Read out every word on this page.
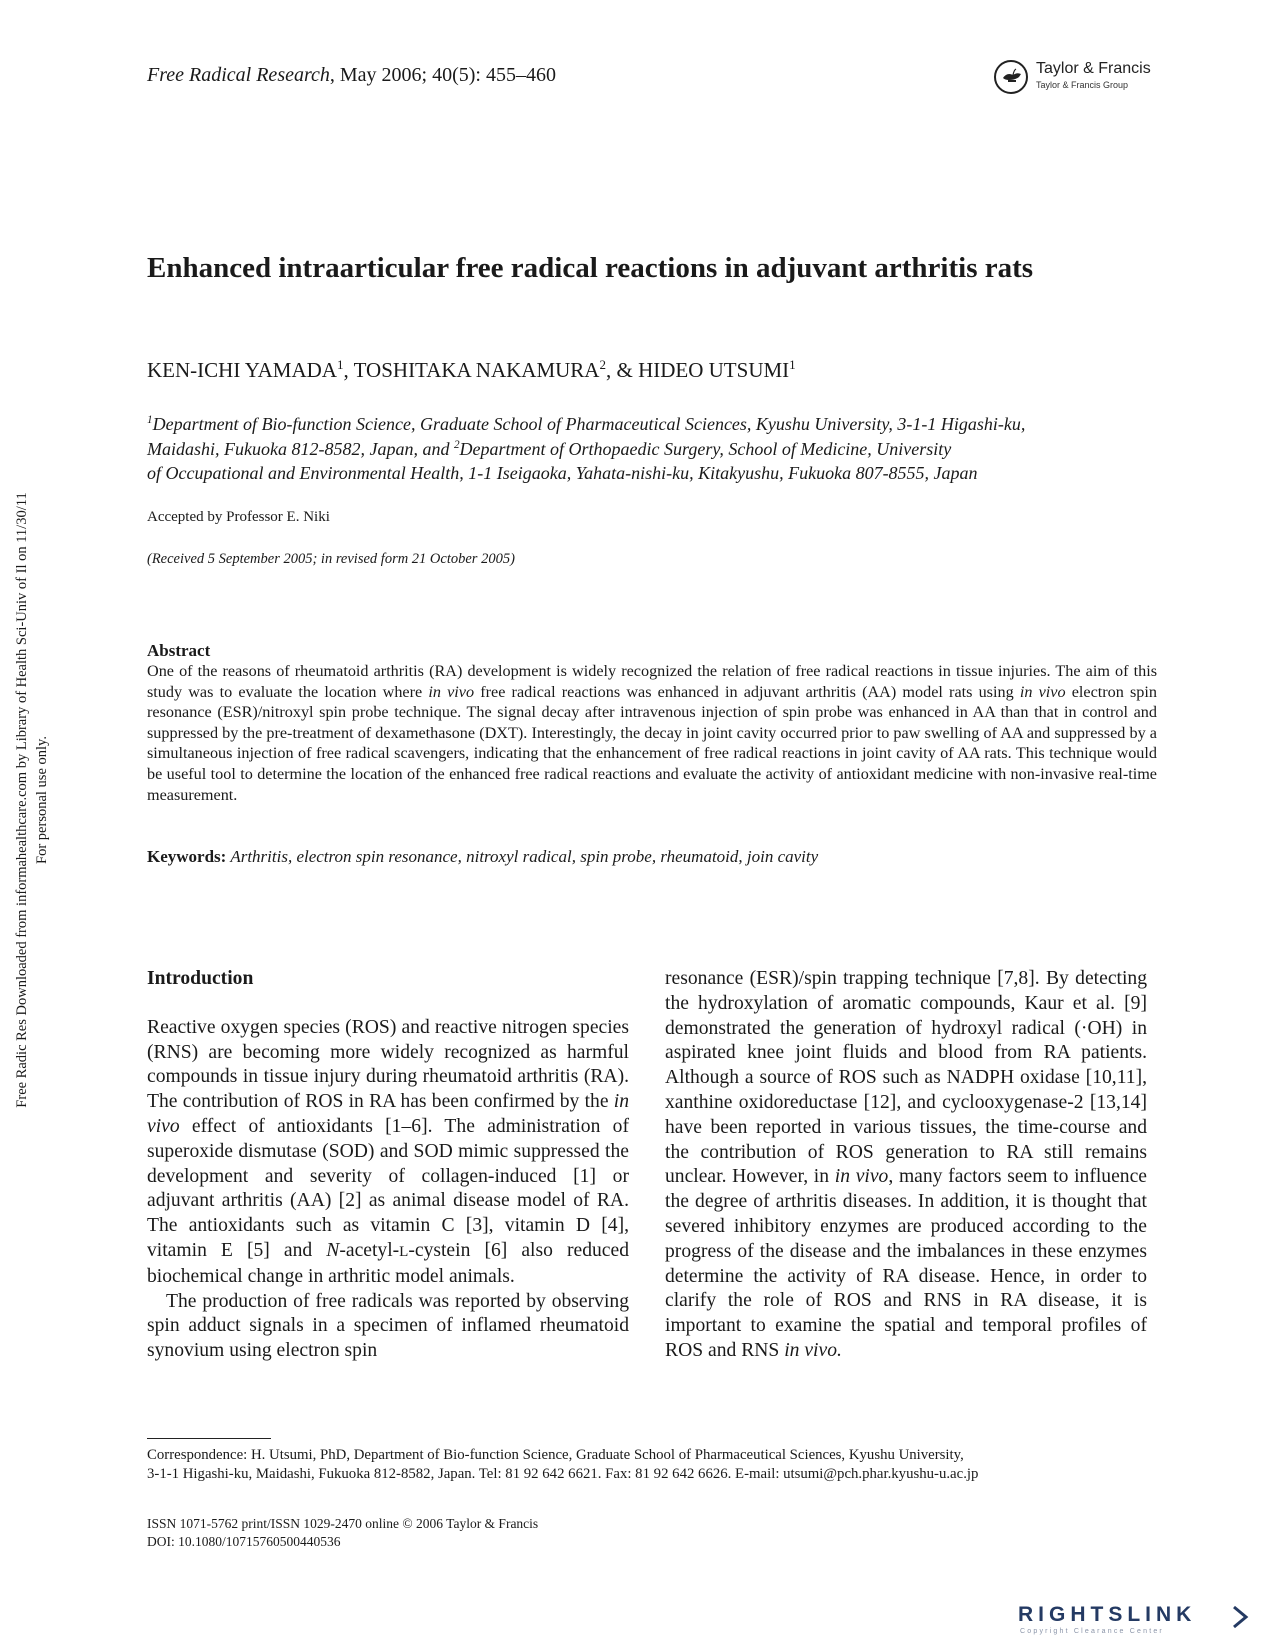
Free Radical Research, May 2006; 40(5): 455–460	Taylor & Francis
Taylor & Francis Group
Enhanced intraarticular free radical reactions in adjuvant arthritis rats
KEN-ICHI YAMADA$^1$, TOSHITAKA NAKAMURA$^2$, & HIDEO UTSUMI$^1$
$^1$Department of Bio-function Science, Graduate School of Pharmaceutical Sciences, Kyushu University, 3-1-1 Higashi-ku,
Maidashi, Fukuoka 812-8582, Japan, and $^2$Department of Orthopaedic Surgery, School of Medicine, University
of Occupational and Environmental Health, 1-1 Iseigaoka, Yahata-nishi-ku, Kitakyushu, Fukuoka 807-8555, Japan
Accepted by Professor E. Niki
(Received 5 September 2005; in revised form 21 October 2005)
Abstract
One of the reasons of rheumatoid arthritis (RA) development is widely recognized the relation of free radical reactions in tissue injuries. The aim of this study was to evaluate the location where in vivo free radical reactions was enhanced in adjuvant arthritis (AA) model rats using in vivo electron spin resonance (ESR)/nitroxyl spin probe technique. The signal decay after intravenous injection of spin probe was enhanced in AA than that in control and suppressed by the pre-treatment of dexamethasone (DXT). Interestingly, the decay in joint cavity occurred prior to paw swelling of AA and suppressed by a simultaneous injection of free radical scavengers, indicating that the enhancement of free radical reactions in joint cavity of AA rats. This technique would be useful tool to determine the location of the enhanced free radical reactions and evaluate the activity of antioxidant medicine with non-invasive real-time measurement.
Keywords: Arthritis, electron spin resonance, nitroxyl radical, spin probe, rheumatoid, join cavity
Introduction

Reactive oxygen species (ROS) and reactive nitrogen species (RNS) are becoming more widely recognized as harmful compounds in tissue injury during rheumatoid arthritis (RA). The contribution of ROS in RA has been confirmed by the in vivo effect of antioxidants [1–6]. The administration of superoxide dismutase (SOD) and SOD mimic suppressed the development and severity of collagen-induced [1] or adjuvant arthritis (AA) [2] as animal disease model of RA. The antioxidants such as vitamin C [3], vitamin D [4], vitamin E [5] and N-acetyl-L-cystein [6] also reduced biochemical change in arthritic model animals.

The production of free radicals was reported by observing spin adduct signals in a specimen of inflamed rheumatoid synovium using electron spin

resonance (ESR)/spin trapping technique [7,8]. By detecting the hydroxylation of aromatic compounds, Kaur et al. [9] demonstrated the generation of hydroxyl radical (·OH) in aspirated knee joint fluids and blood from RA patients. Although a source of ROS such as NADPH oxidase [10,11], xanthine oxidoreductase [12], and cyclooxygenase-2 [13,14] have been reported in various tissues, the time-course and the contribution of ROS generation to RA still remains unclear. However, in in vivo, many factors seem to influence the degree of arthritis diseases. In addition, it is thought that severed inhibitory enzymes are produced according to the progress of the disease and the imbalances in these enzymes determine the activity of RA disease. Hence, in order to clarify the role of ROS and RNS in RA disease, it is important to examine the spatial and temporal profiles of ROS and RNS in vivo.

Correspondence: H. Utsumi, PhD, Department of Bio-function Science, Graduate School of Pharmaceutical Sciences, Kyushu University,
3-1-1 Higashi-ku, Maidashi, Fukuoka 812-8582, Japan. Tel: 81 92 642 6621. Fax: 81 92 642 6626. E-mail: utsumi@pch.phar.kyushu-u.ac.jp
ISSN 1071-5762 print/ISSN 1029-2470 online © 2006 Taylor & Francis
DOI: 10.1080/10715760500440536
RIGHTSLINK
Copyright Clearance Center
Free Radic Res Downloaded from informahealthcare.com by Library of Health Sci-Univ of Il on 11/30/11 For personal use only.
